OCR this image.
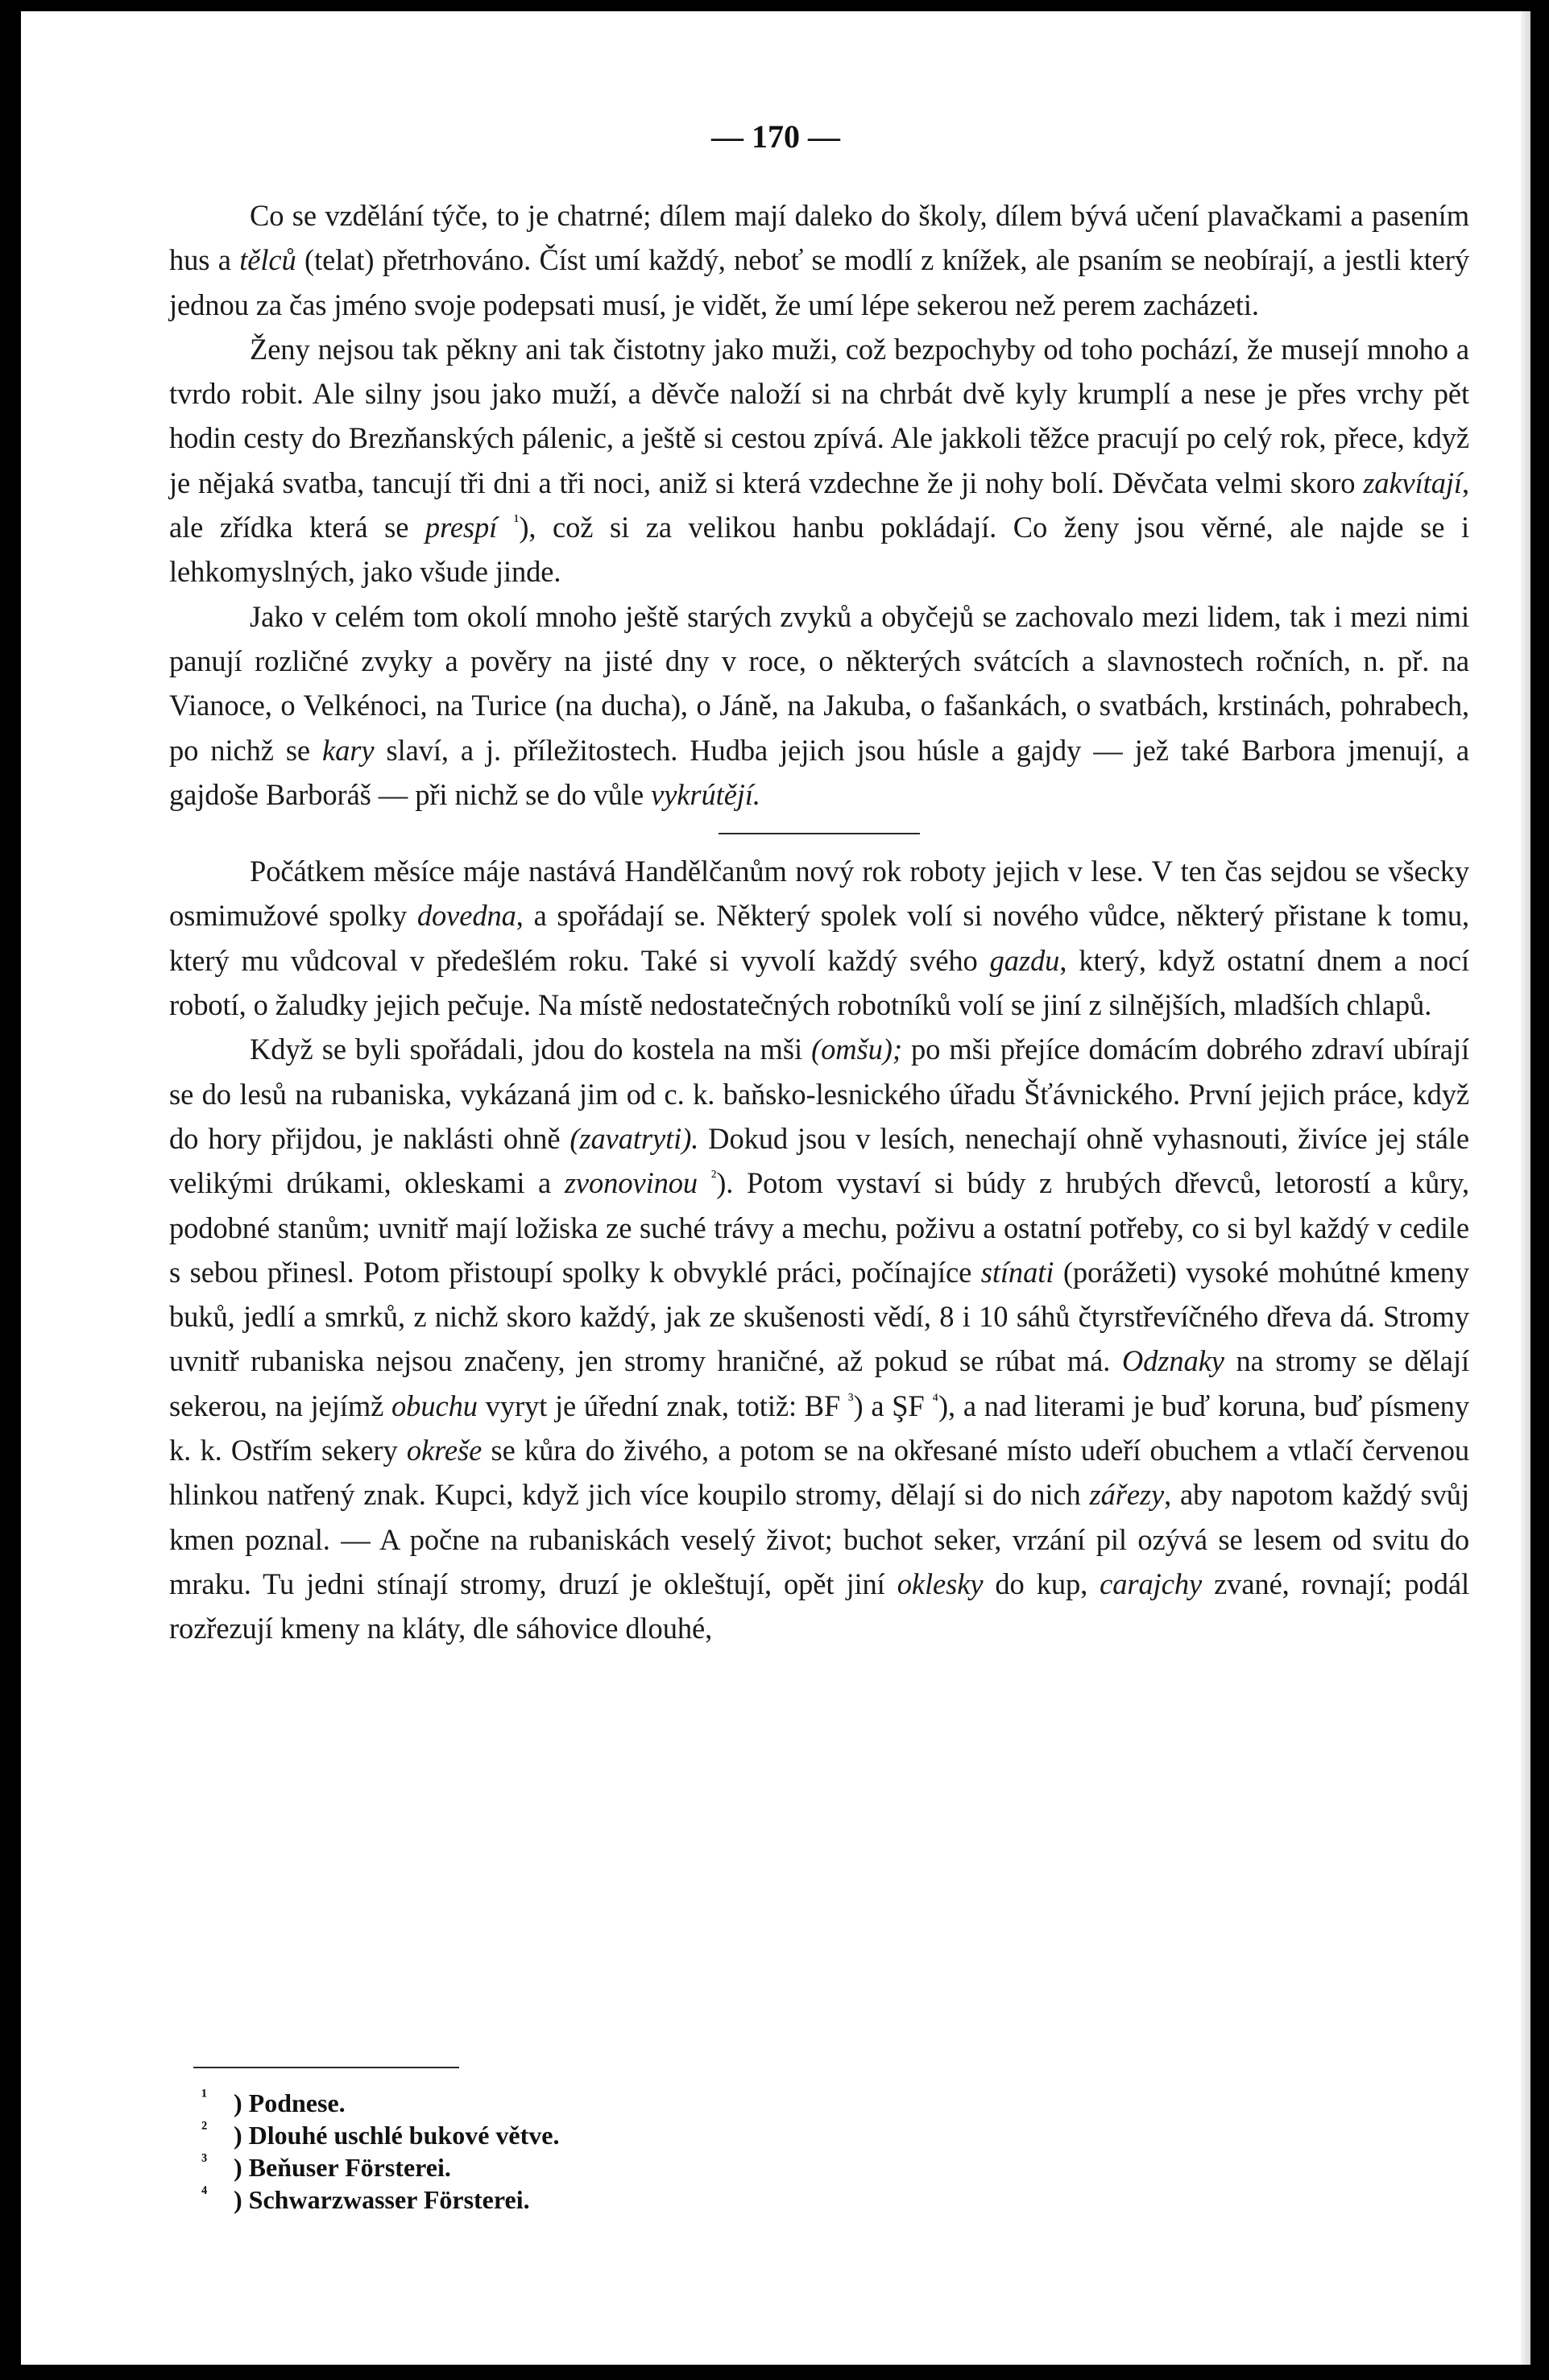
— 170 —

Co se vzdělání týče, to je chatrné; dílem mají daleko do školy, dílem bývá učení plavačkami a pasením hus a tělců (telat) přetrhováno. Číst umí každý, neboť se modlí z knížek, ale psaním se neobírají, a jestli který jednou za čas jméno svoje podepsati musí, je vidět, že umí lépe sekerou než perem zacházeti.

Ženy nejsou tak pěkny ani tak čistotny jako muži, což bezpochyby od toho pochází, že musejí mnoho a tvrdo robit. Ale silny jsou jako muží, a děvče naloží si na chrbát dvě kyly krumplí a nese je přes vrchy pět hodin cesty do Brezňanských pálenic, a ještě si cestou zpívá. Ale jakkoli těžce pracují po celý rok, přece, když je nějaká svatba, tancují tři dni a tři noci, aniž si která vzdechne že ji nohy bolí. Děvčata velmi skoro zakvítají, ale zřídka která se prespí $^{^1}$), což si za velikou hanbu pokládají. Co ženy jsou věrné, ale najde se i lehkomyslných, jako všude jinde.

Jako v celém tom okolí mnoho ještě starých zvyků a obyčejů se zachovalo mezi lidem, tak i mezi nimi panují rozličné zvyky a pověry na jisté dny v roce, o některých svátcích a slavnostech ročních, n. př. na Vianoce, o Velkénoci, na Turice (na ducha), o Jáně, na Jakuba, o fašankách, o svatbách, krstinách, pohrabech, po nichž se kary slaví, a j. příležitostech. Hudba jejich jsou húsle a gajdy — jež také Barbora jmenují, a gajdoše Barboráš — při nichž se do vůle vykrútějí.

Počátkem měsíce máje nastává Handělčanům nový rok roboty jejich v lese. V ten čas sejdou se všecky osmimužové spolky dovedna, a spořádají se. Některý spolek volí si nového vůdce, některý přistane k tomu, který mu vůdcoval v předešlém roku. Také si vyvolí každý svého gazdu, který, když ostatní dnem a nocí robotí, o žaludky jejich pečuje. Na místě nedostatečných robotníků volí se jiní z silnějších, mladších chlapů.

Když se byli spořádali, jdou do kostela na mši (omšu); po mši přejíce domácím dobrého zdraví ubírají se do lesů na rubaniska, vykázaná jim od c. k. baňsko-lesnického úřadu Šťávnického. První jejich práce, když do hory přijdou, je naklásti ohně (zavatryti). Dokud jsou v lesích, nenechají ohně vyhasnouti, živíce jej stále velikými drúkami, okleskami a zvonovinou $^{^2}$). Potom vystaví si búdy z hrubých dřevců, letorostí a kůry, podobné stanům; uvnitř mají ložiska ze suché trávy a mechu, poživu a ostatní potřeby, co si byl každý v cedile s sebou přinesl. Potom přistoupí spolky k obvyklé práci, počínajíce stínati (porážeti) vysoké mohútné kmeny buků, jedlí a smrků, z nichž skoro každý, jak ze skušenosti vědí, 8 i 10 sáhů čtyrstřevíčného dřeva dá. Stromy uvnitř rubaniska nejsou značeny, jen stromy hraničné, až pokud se rúbat má. Odznaky na stromy se dělají sekerou, na jejímž obuchu vyryt je úřední znak, totiž: BF $^{^3}$) a ŞF $^{^4}$), a nad literami je buď koruna, buď písmeny k. k. Ostřím sekery okreše se kůra do živého, a potom se na okřesané místo udeří obuchem a vtlačí červenou hlinkou natřený znak. Kupci, když jich více koupilo stromy, dělají si do nich zářezy, aby napotom každý svůj kmen poznal. — A počne na rubaniskách veselý život; buchot seker, vrzání pil ozývá se lesem od svitu do mraku. Tu jedni stínají stromy, druzí je okleštují, opět jiní oklesky do kup, carajchy zvané, rovnají; podál rozřezují kmeny na kláty, dle sáhovice dlouhé,

¹ ) Podnese.
² ) Dlouhé uschlé bukové větve.
³ ) Beňuser Försterei.
⁴ ) Schwarzwasser Försterei.
